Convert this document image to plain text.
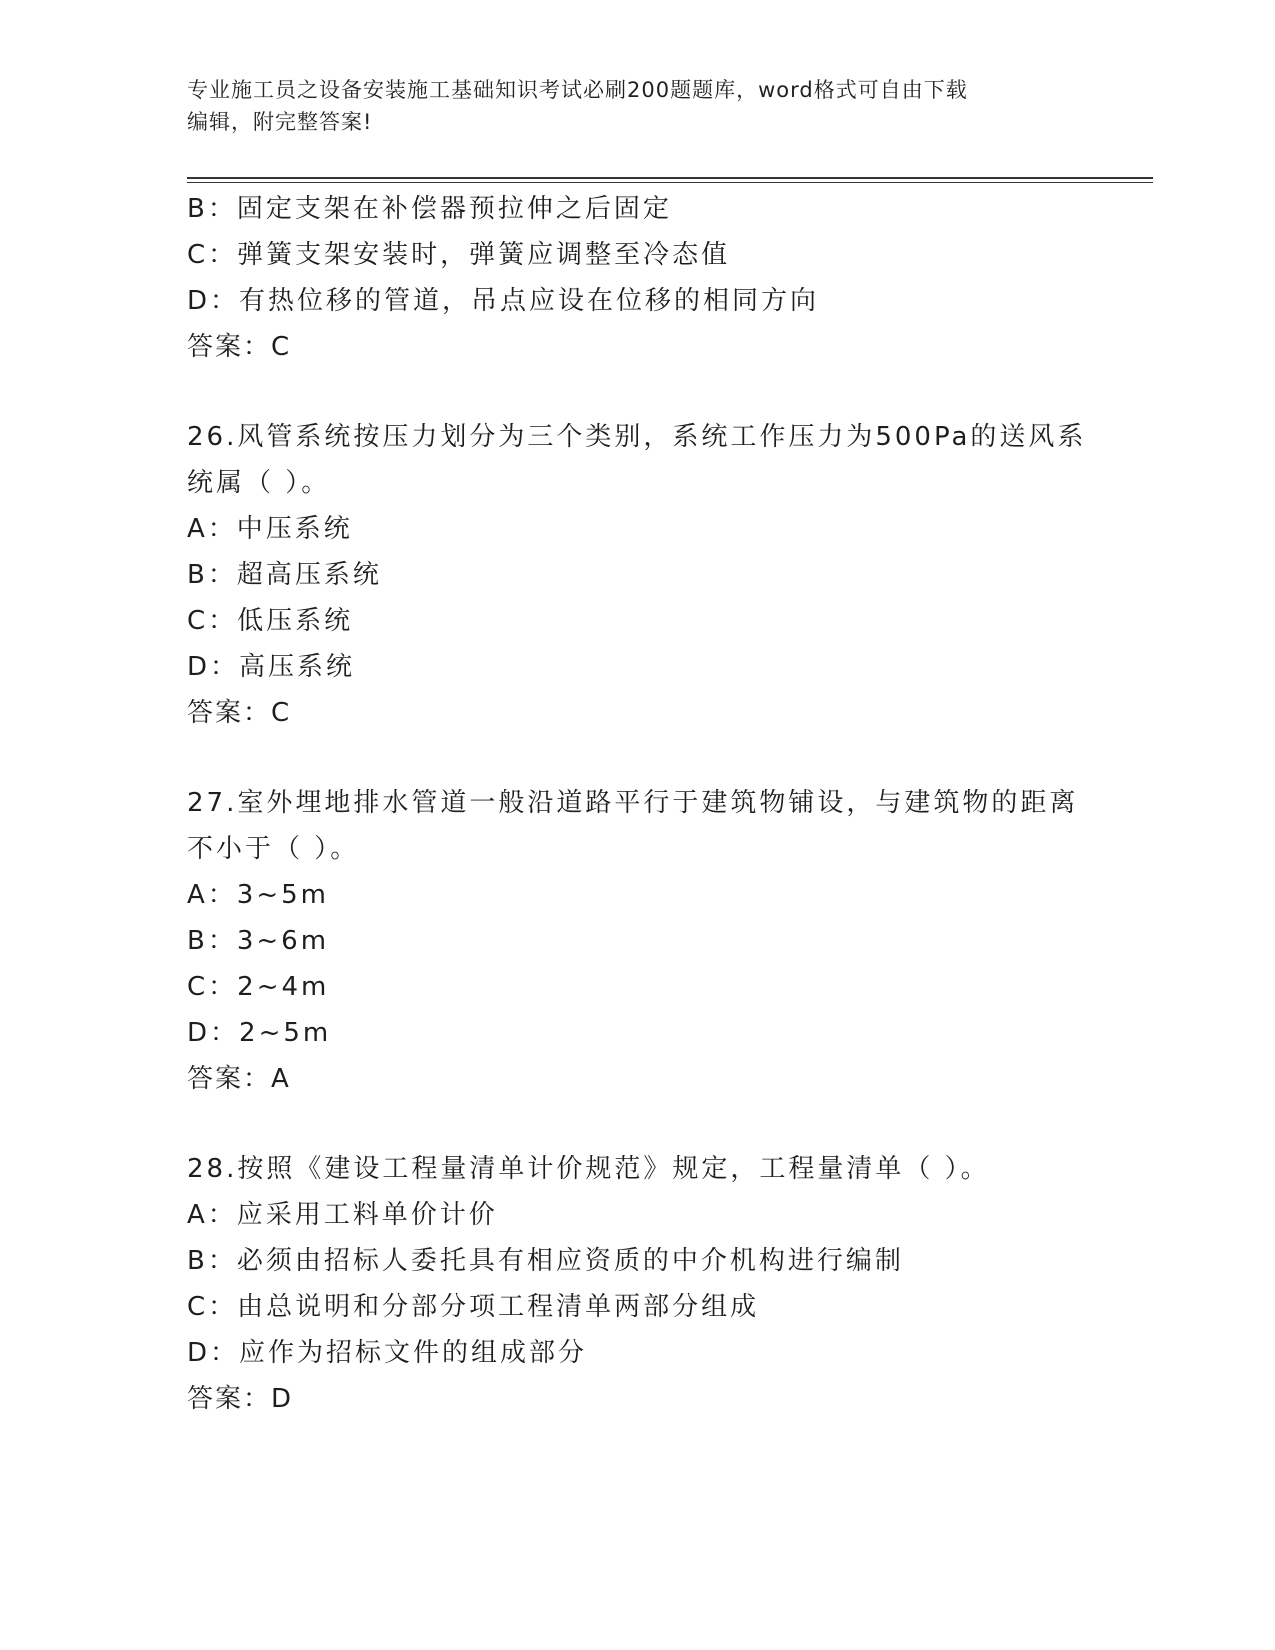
专业施工员之设备安装施工基础知识考试必刷200题题库，word格式可自由下载
编辑，附完整答案!
B：固定支架在补偿器预拉伸之后固定
C：弹簧支架安装时，弹簧应调整至冷态值
D：有热位移的管道，吊点应设在位移的相同方向
答案：C
26.风管系统按压力划分为三个类别，系统工作压力为500Pa的送风系
统属（ ）。
A：中压系统
B：超高压系统
C：低压系统
D：高压系统
答案：C
27.室外埋地排水管道一般沿道路平行于建筑物铺设，与建筑物的距离
不小于（ ）。
A：3~5m
B：3~6m
C：2~4m
D：2~5m
答案：A
28.按照《建设工程量清单计价规范》规定，工程量清单（ ）。
A：应采用工料单价计价
B：必须由招标人委托具有相应资质的中介机构进行编制
C：由总说明和分部分项工程清单两部分组成
D：应作为招标文件的组成部分
答案：D
